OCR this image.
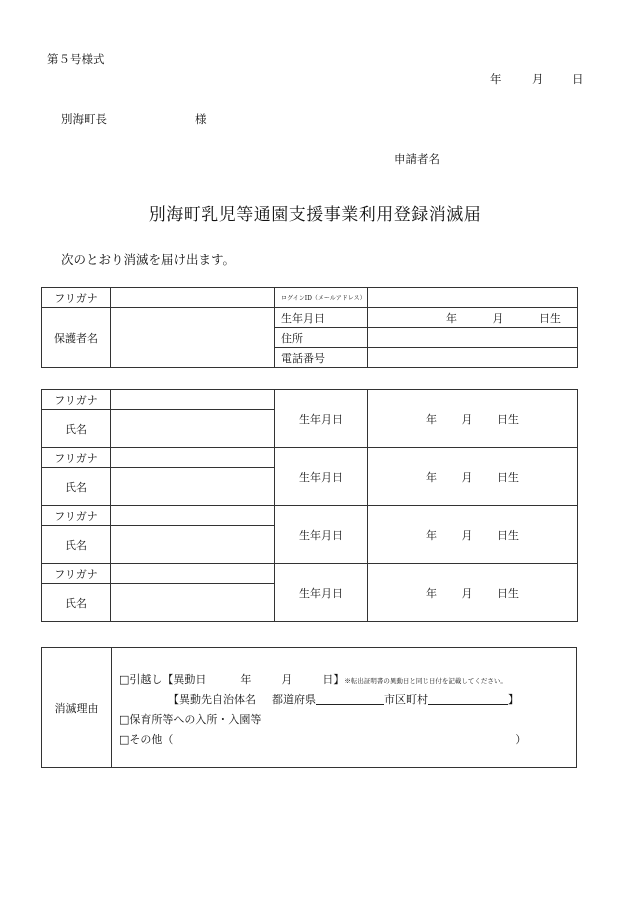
第５号様式
年	月 日
別海町長	様
申請者名
別海町乳児等通園支援事業利用登録消滅届
次のとおり消滅を届け出ます。
フリガナ		ログインID（メールアドレス）	
保護者名		生年月日	年 月 日生

		住所	
		電話番号	
フリガナ		生年月日	年 月 日生

氏名			
フリガナ		生年月日	年 月 日生

氏名			
フリガナ		生年月日	年 月 日生

氏名			
フリガナ		生年月日	年 月 日生

氏名			
消滅理由
□引越し【異動日	年	月	日】※転出証明書の異動日と同じ日付を記載してください。
【異動先自治体名 都道府県	市区町村	】
□保育所等への入所・入園等
□その他（	）
